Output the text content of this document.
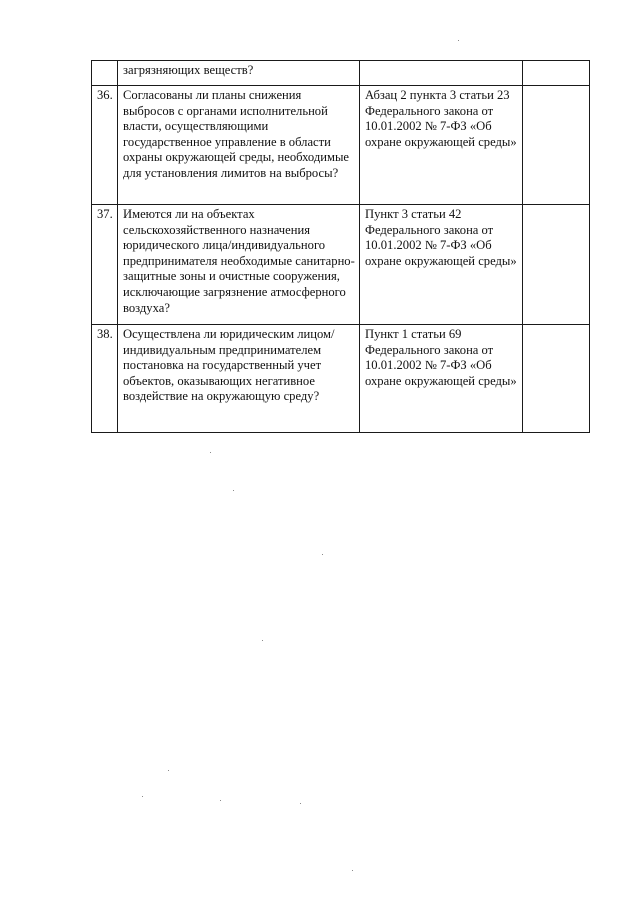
	загрязняющих веществ?		
36.	Согласованы ли планы снижения выбросов с органами исполнительной власти, осуществляющими государственное управление в области охраны окружающей среды, необходимые для установления лимитов на выбросы?	Абзац 2 пункта 3 статьи 23 Федерального закона от 10.01.2002 № 7-ФЗ «Об охране окружающей среды»	
37.	Имеются ли на объектах сельскохозяйственного назначения юридического лица/индивидуального предпринимателя необходимые санитарно-защитные зоны и очистные сооружения, исключающие загрязнение атмосферного воздуха?	Пункт 3 статьи 42 Федерального закона от 10.01.2002 № 7-ФЗ «Об охране окружающей среды»	
38.	Осуществлена ли юридическим лицом/индивидуальным предпринимателем постановка на государственный учет объектов, оказывающих негативное воздействие на окружающую среду?	Пункт 1 статьи 69 Федерального закона от 10.01.2002 № 7-ФЗ «Об охране окружающей среды»	
